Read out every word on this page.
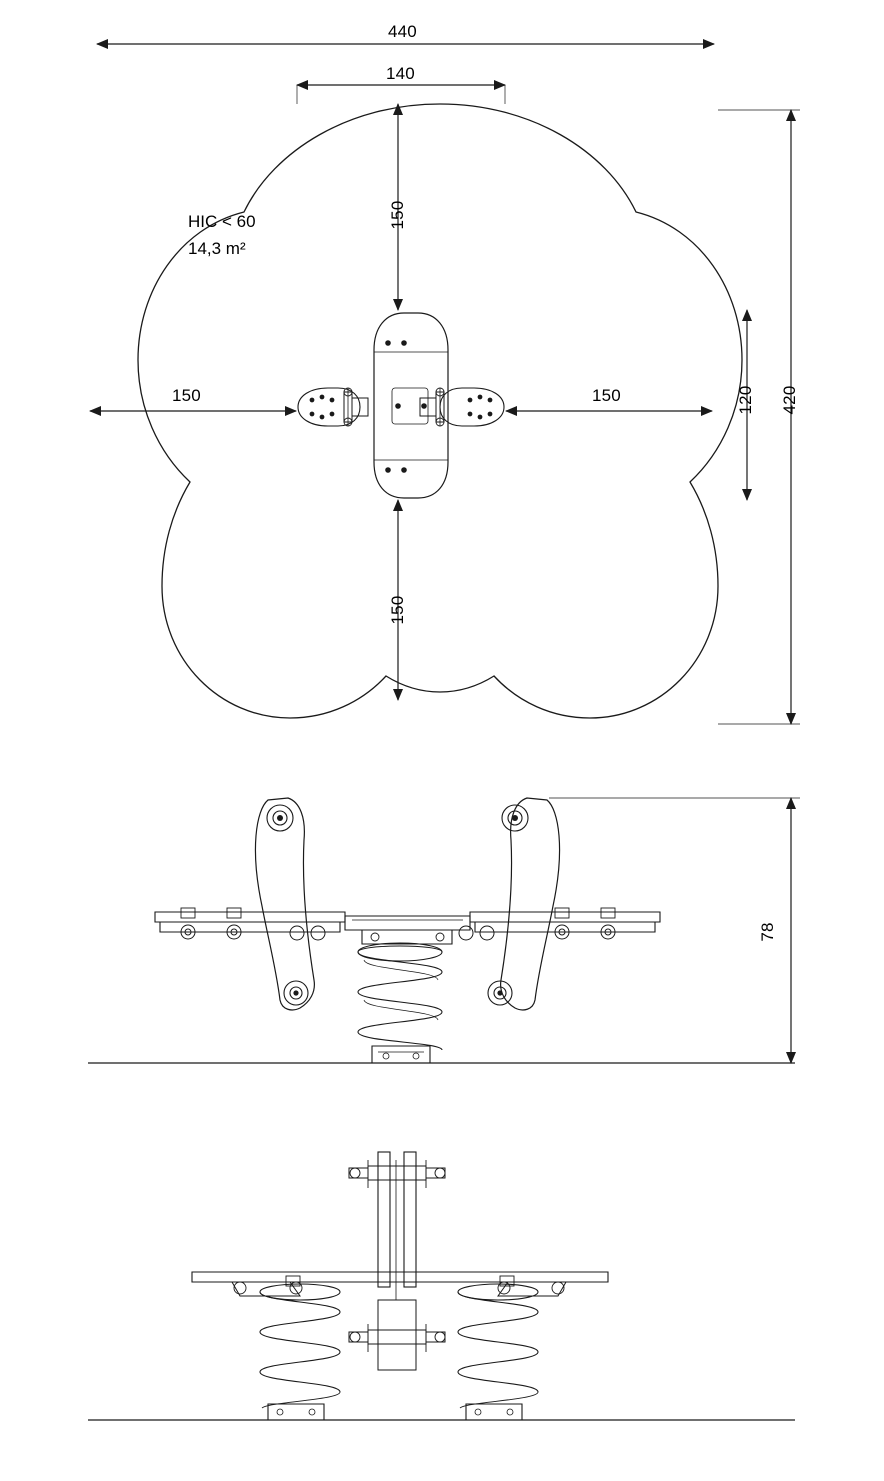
440
140
HIC < 60
14,3 m²
150
150
150	150	120 420
78
